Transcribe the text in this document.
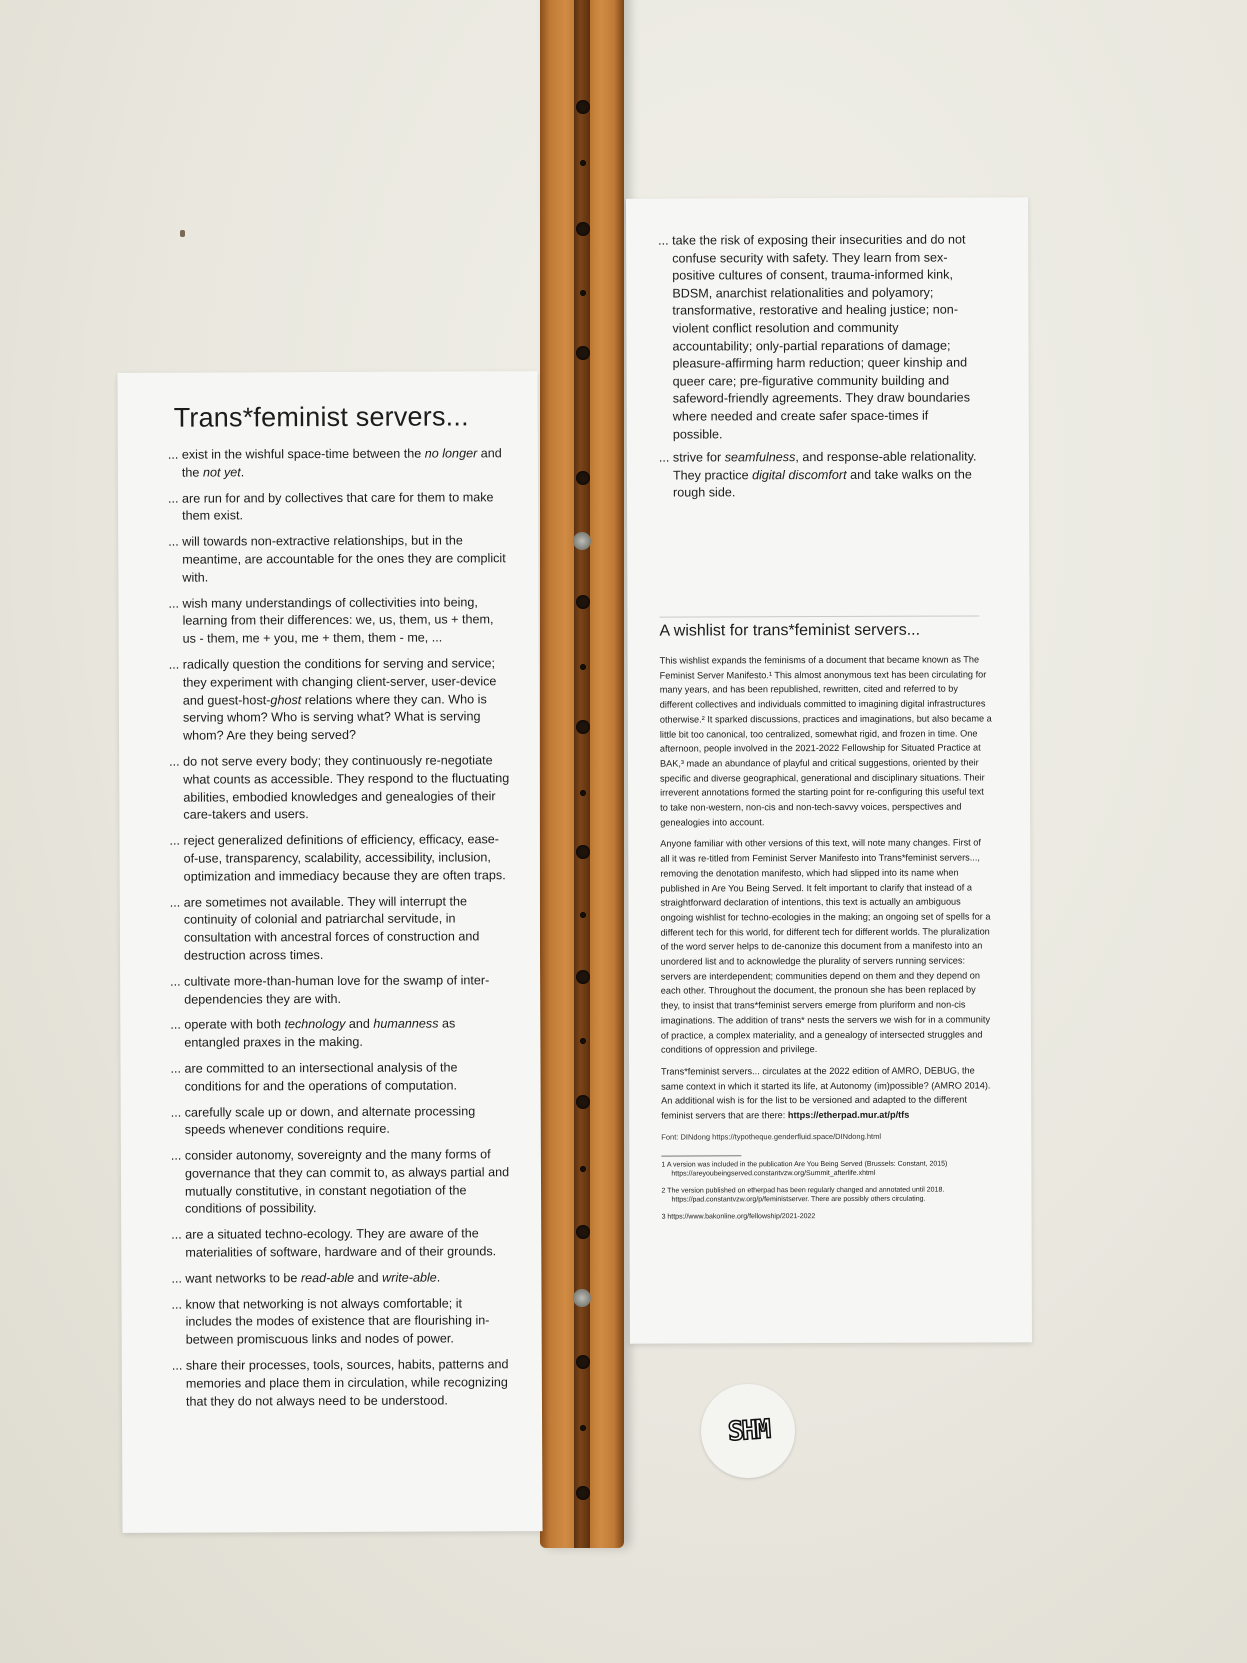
Trans*feminist servers...
... exist in the wishful space-time between the no longer and the not yet.
... are run for and by collectives that care for them to make them exist.
... will towards non-extractive relationships, but in the meantime, are accountable for the ones they are complicit with.
... wish many understandings of collectivities into being, learning from their differences: we, us, them, us + them, us - them, me + you, me + them, them - me, ...
... radically question the conditions for serving and service; they experiment with changing client-server, user-device and guest-host-ghost relations where they can. Who is serving whom? Who is serving what? What is serving whom? Are they being served?
... do not serve every body; they continuously re-negotiate what counts as accessible. They respond to the fluctuating abilities, embodied knowledges and genealogies of their care-takers and users.
... reject generalized definitions of efficiency, efficacy, ease-of-use, transparency, scalability, accessibility, inclusion, optimization and immediacy because they are often traps.
... are sometimes not available. They will interrupt the continuity of colonial and patriarchal servitude, in consultation with ancestral forces of construction and destruction across times.
... cultivate more-than-human love for the swamp of inter-dependencies they are with.
... operate with both technology and humanness as entangled praxes in the making.
... are committed to an intersectional analysis of the conditions for and the operations of computation.
... carefully scale up or down, and alternate processing speeds whenever conditions require.
... consider autonomy, sovereignty and the many forms of governance that they can commit to, as always partial and mutually constitutive, in constant negotiation of the conditions of possibility.
... are a situated techno-ecology. They are aware of the materialities of software, hardware and of their grounds.
... want networks to be read-able and write-able.
... know that networking is not always comfortable; it includes the modes of existence that are flourishing in-between promiscuous links and nodes of power.
... share their processes, tools, sources, habits, patterns and memories and place them in circulation, while recognizing that they do not always need to be understood.
... take the risk of exposing their insecurities and do not confuse security with safety. They learn from sex-positive cultures of consent, trauma-informed kink, BDSM, anarchist relationalities and polyamory; transformative, restorative and healing justice; non-violent conflict resolution and community accountability; only-partial reparations of damage; pleasure-affirming harm reduction; queer kinship and queer care; pre-figurative community building and safeword-friendly agreements. They draw boundaries where needed and create safer space-times if possible.
... strive for seamfulness, and response-able relationality. They practice digital discomfort and take walks on the rough side.
A wishlist for trans*feminist servers...

This wishlist expands the feminisms of a document that became known as The Feminist Server Manifesto.¹ This almost anonymous text has been circulating for many years, and has been republished, rewritten, cited and referred to by different collectives and individuals committed to imagining digital infrastructures otherwise.² It sparked discussions, practices and imaginations, but also became a little bit too canonical, too centralized, somewhat rigid, and frozen in time. One afternoon, people involved in the 2021-2022 Fellowship for Situated Practice at BAK,³ made an abundance of playful and critical suggestions, oriented by their specific and diverse geographical, generational and disciplinary situations. Their irreverent annotations formed the starting point for re-configuring this useful text to take non-western, non-cis and non-tech-savvy voices, perspectives and genealogies into account.

Anyone familiar with other versions of this text, will note many changes. First of all it was re-titled from Feminist Server Manifesto into Trans*feminist servers..., removing the denotation manifesto, which had slipped into its name when published in Are You Being Served. It felt important to clarify that instead of a straightforward declaration of intentions, this text is actually an ambiguous ongoing wishlist for techno-ecologies in the making; an ongoing set of spells for a different tech for this world, for different tech for different worlds. The pluralization of the word server helps to de-canonize this document from a manifesto into an unordered list and to acknowledge the plurality of servers running services: servers are interdependent; communities depend on them and they depend on each other. Throughout the document, the pronoun she has been replaced by they, to insist that trans*feminist servers emerge from pluriform and non-cis imaginations. The addition of trans* nests the servers we wish for in a community of practice, a complex materiality, and a genealogy of intersected struggles and conditions of oppression and privilege.

Trans*feminist servers... circulates at the 2022 edition of AMRO, DEBUG, the same context in which it started its life, at Autonomy (im)possible? (AMRO 2014). An additional wish is for the list to be versioned and adapted to the different feminist servers that are there: https://etherpad.mur.at/p/tfs

Font: DINdong https://typotheque.genderfluid.space/DINdong.html

1 A version was included in the publication Are You Being Served (Brussels: Constant, 2015) https://areyoubeingserved.constantvzw.org/Summit_afterlife.xhtml

2 The version published on etherpad has been regularly changed and annotated until 2018. https://pad.constantvzw.org/p/feministserver. There are possibly others circulating.

3 https://www.bakonline.org/fellowship/2021-2022

SHM
